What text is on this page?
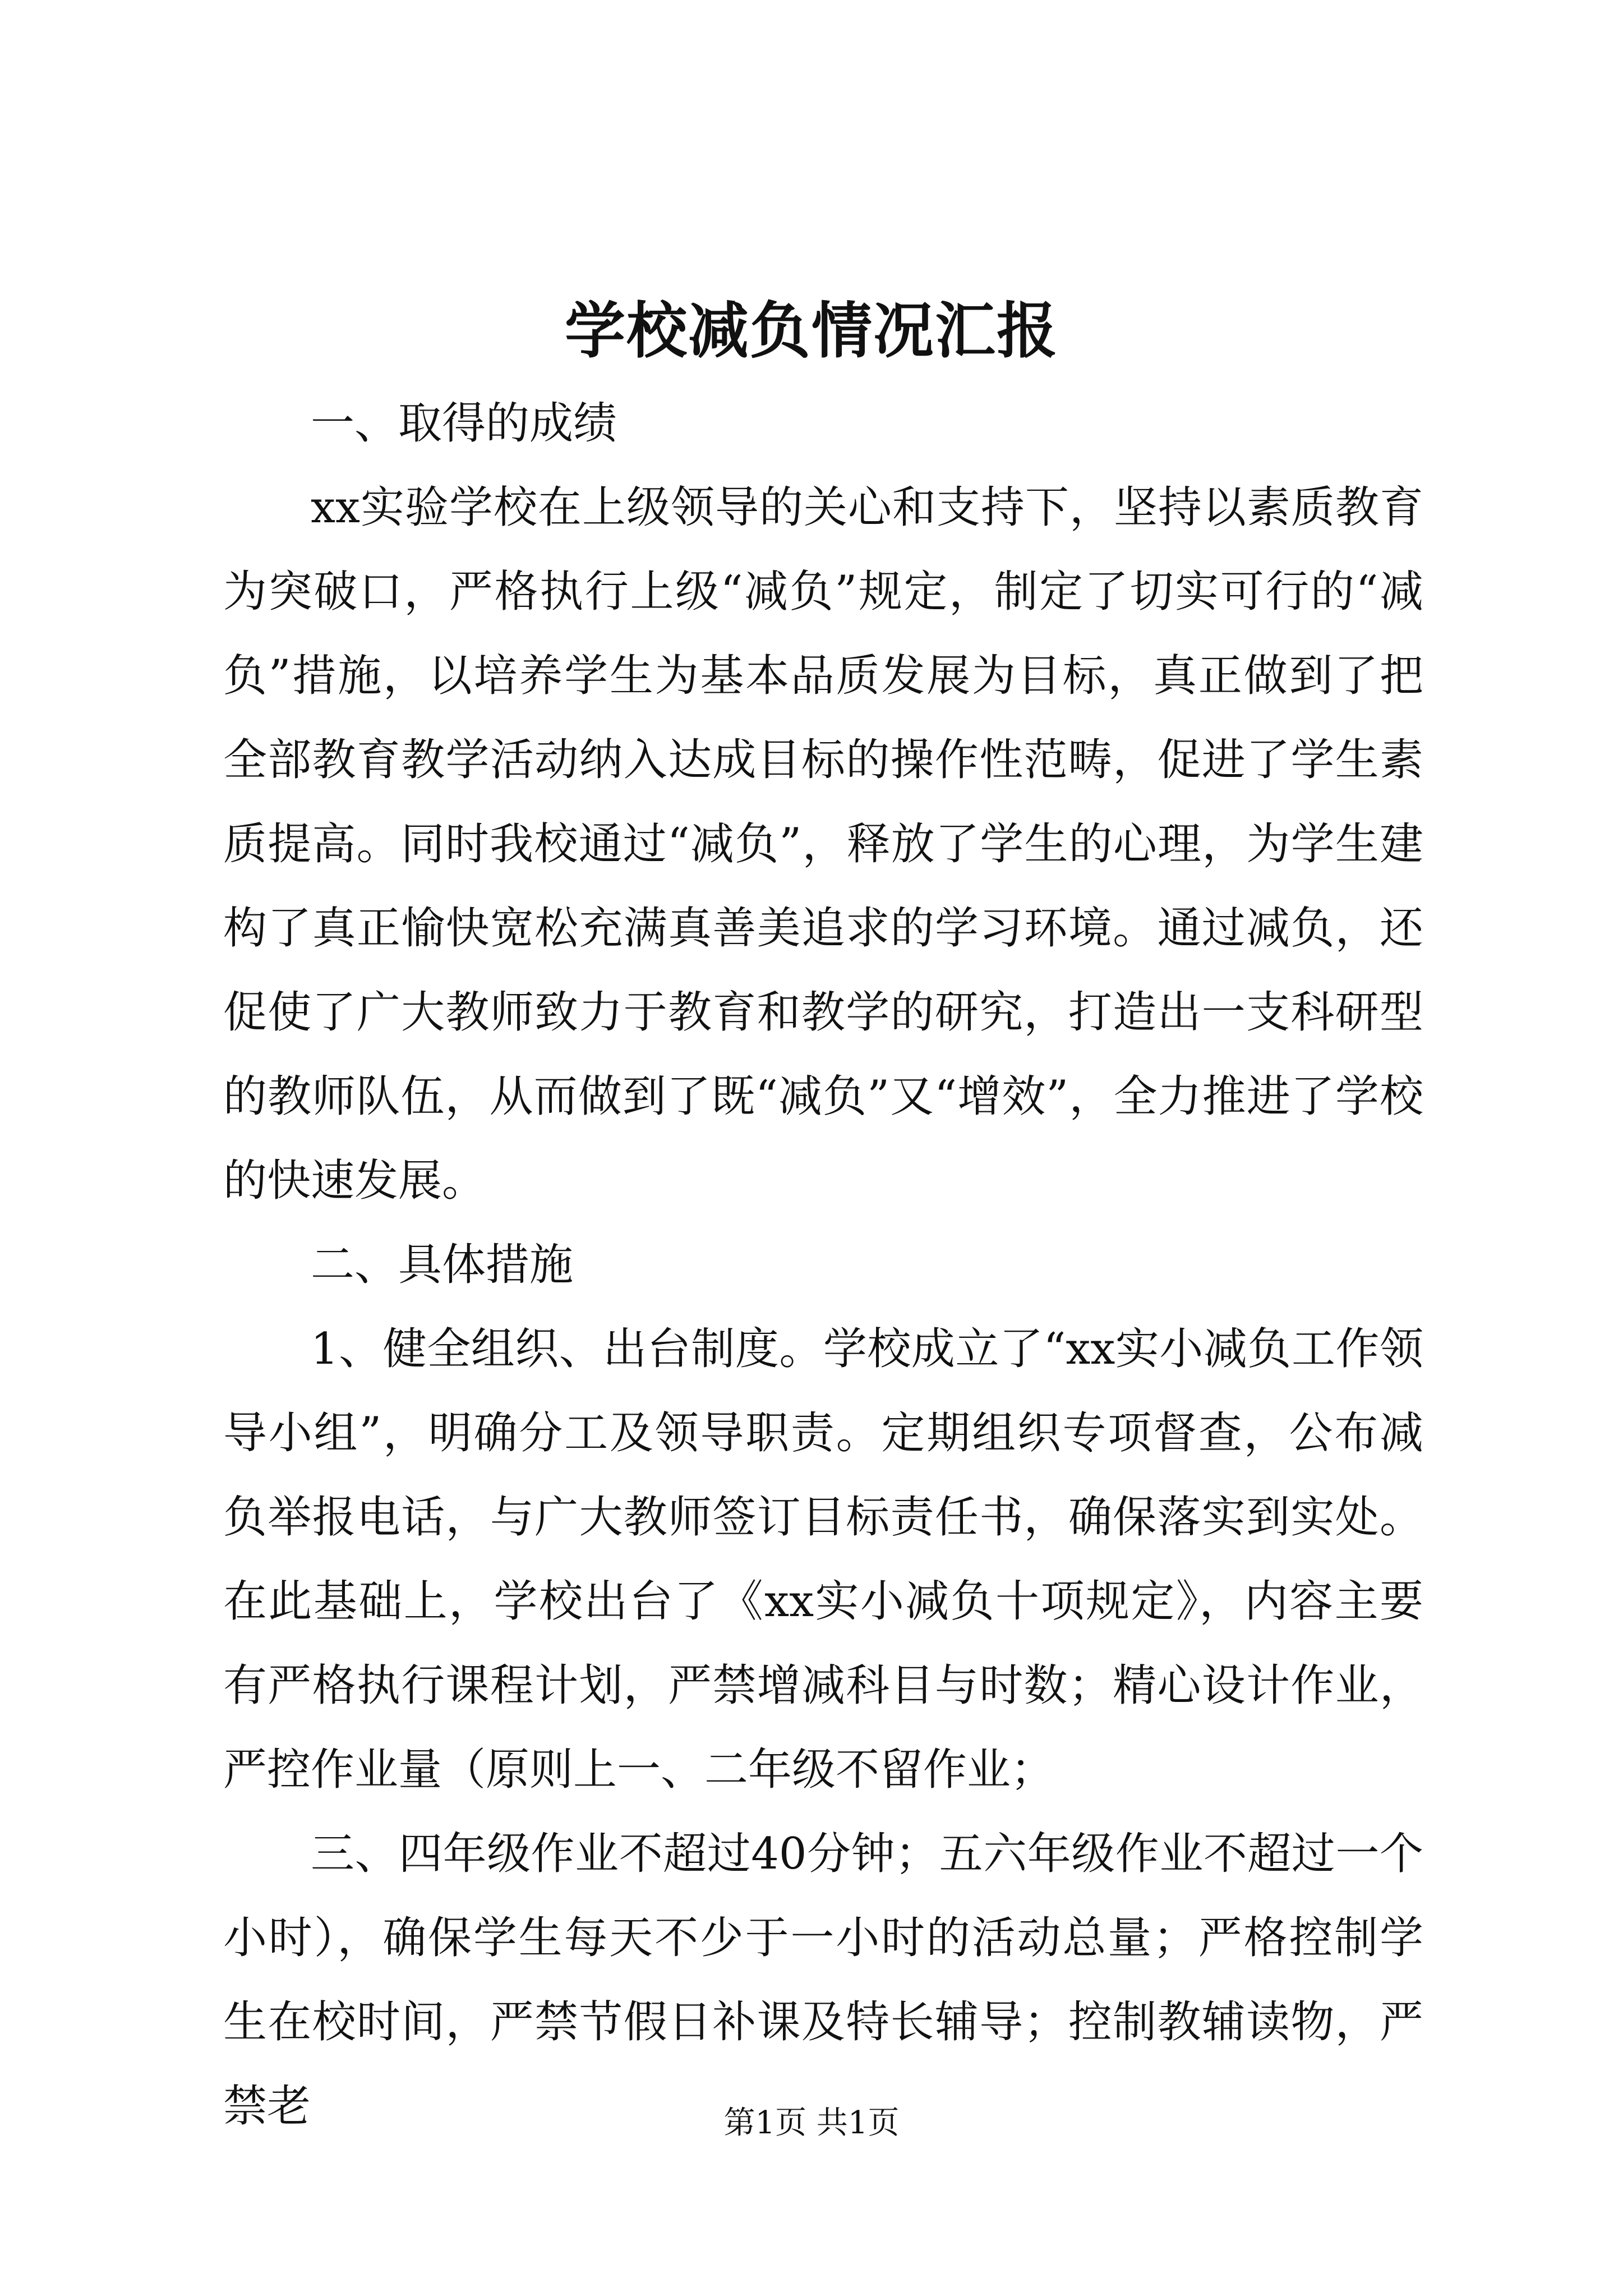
学校减负情况汇报

一、取得的成绩

xx实验学校在上级领导的关心和支持下，坚持以素质教育为突破口，严格执行上级“减负”规定，制定了切实可行的“减负”措施，以培养学生为基本品质发展为目标，真正做到了把全部教育教学活动纳入达成目标的操作性范畴，促进了学生素质提高。同时我校通过“减负”，释放了学生的心理，为学生建构了真正愉快宽松充满真善美追求的学习环境。通过减负，还促使了广大教师致力于教育和教学的研究，打造出一支科研型的教师队伍，从而做到了既“减负”又“增效”，全力推进了学校的快速发展。

二、具体措施

1、健全组织、出台制度。学校成立了“xx实小减负工作领导小组”，明确分工及领导职责。定期组织专项督查，公布减负举报电话，与广大教师签订目标责任书，确保落实到实处。在此基础上，学校出台了《xx实小减负十项规定》，内容主要有严格执行课程计划，严禁增减科目与时数；精心设计作业，严控作业量（原则上一、二年级不留作业；

三、四年级作业不超过40分钟；五六年级作业不超过一个小时），确保学生每天不少于一小时的活动总量；严格控制学生在校时间，严禁节假日补课及特长辅导；控制教辅读物，严禁老	第1页 共1页
